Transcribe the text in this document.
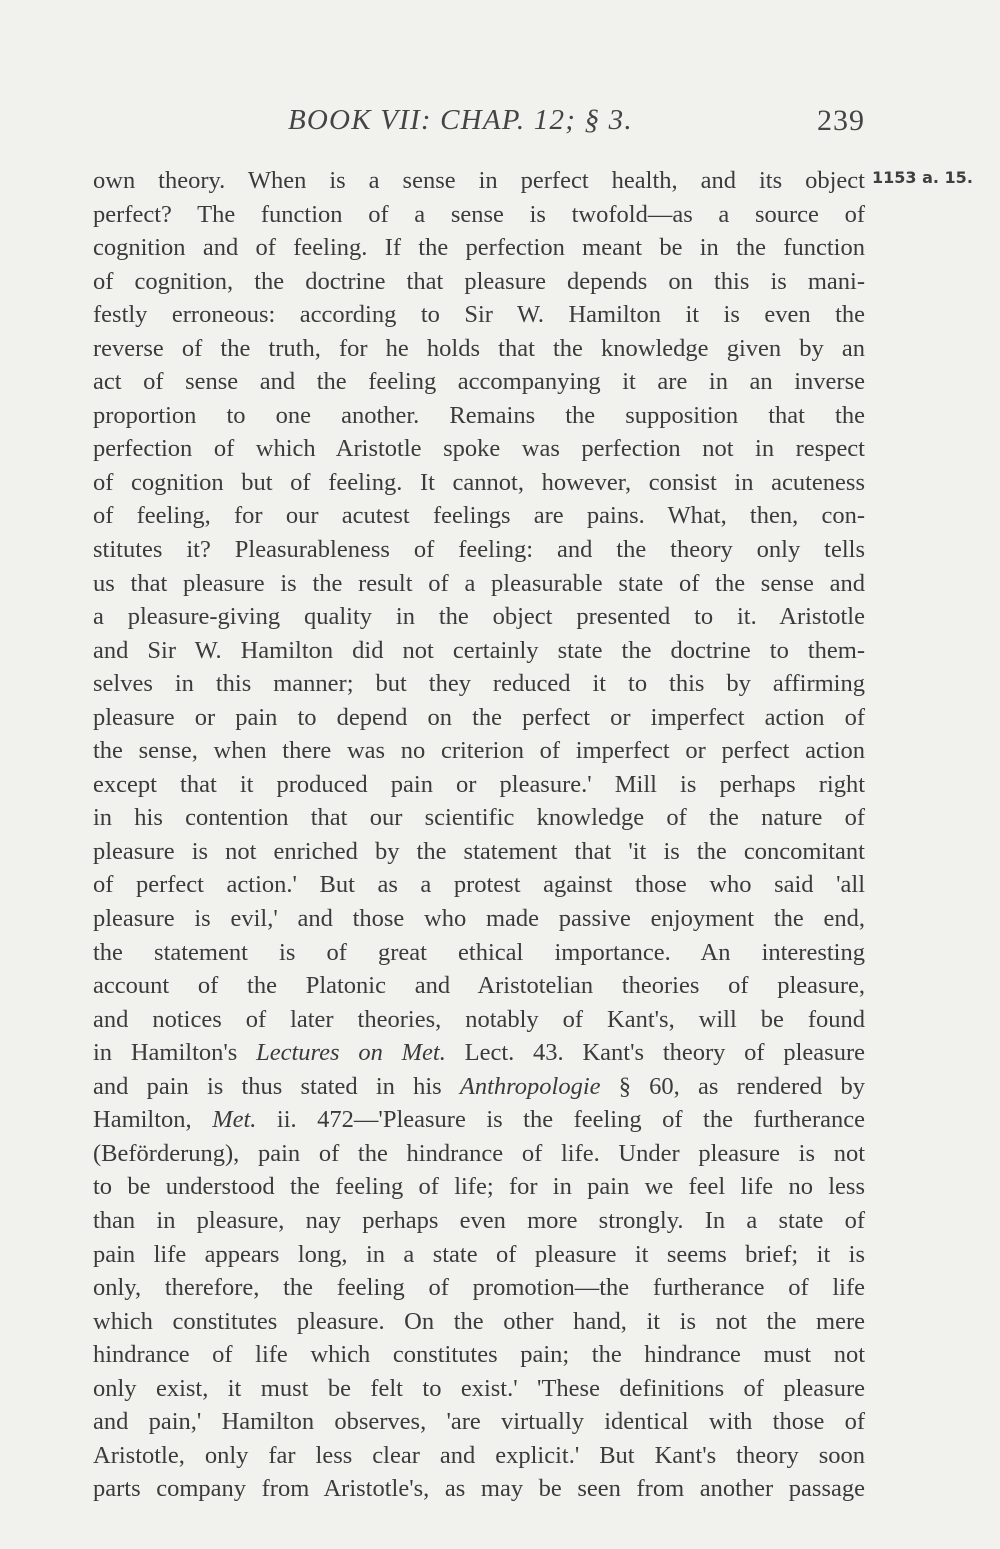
BOOK VII: CHAP. 12; § 3.	239
1153 a. 15.
own theory. When is a sense in perfect health, and its object
perfect? The function of a sense is twofold—as a source of
cognition and of feeling. If the perfection meant be in the function
of cognition, the doctrine that pleasure depends on this is mani-
festly erroneous: according to Sir W. Hamilton it is even the
reverse of the truth, for he holds that the knowledge given by an
act of sense and the feeling accompanying it are in an inverse
proportion to one another. Remains the supposition that the
perfection of which Aristotle spoke was perfection not in respect
of cognition but of feeling. It cannot, however, consist in acuteness
of feeling, for our acutest feelings are pains. What, then, con-
stitutes it? Pleasurableness of feeling: and the theory only tells
us that pleasure is the result of a pleasurable state of the sense and
a pleasure-giving quality in the object presented to it. Aristotle
and Sir W. Hamilton did not certainly state the doctrine to them-
selves in this manner; but they reduced it to this by affirming
pleasure or pain to depend on the perfect or imperfect action of
the sense, when there was no criterion of imperfect or perfect action
except that it produced pain or pleasure.' Mill is perhaps right
in his contention that our scientific knowledge of the nature of
pleasure is not enriched by the statement that 'it is the concomitant
of perfect action.' But as a protest against those who said 'all
pleasure is evil,' and those who made passive enjoyment the end,
the statement is of great ethical importance. An interesting
account of the Platonic and Aristotelian theories of pleasure,
and notices of later theories, notably of Kant's, will be found
in Hamilton's Lectures on Met. Lect. 43. Kant's theory of pleasure
and pain is thus stated in his Anthropologie § 60, as rendered by
Hamilton, Met. ii. 472—'Pleasure is the feeling of the furtherance
(Beförderung), pain of the hindrance of life. Under pleasure is not
to be understood the feeling of life; for in pain we feel life no less
than in pleasure, nay perhaps even more strongly. In a state of
pain life appears long, in a state of pleasure it seems brief; it is
only, therefore, the feeling of promotion—the furtherance of life
which constitutes pleasure. On the other hand, it is not the mere
hindrance of life which constitutes pain; the hindrance must not
only exist, it must be felt to exist.' 'These definitions of pleasure
and pain,' Hamilton observes, 'are virtually identical with those of
Aristotle, only far less clear and explicit.' But Kant's theory soon
parts company from Aristotle's, as may be seen from another passage
